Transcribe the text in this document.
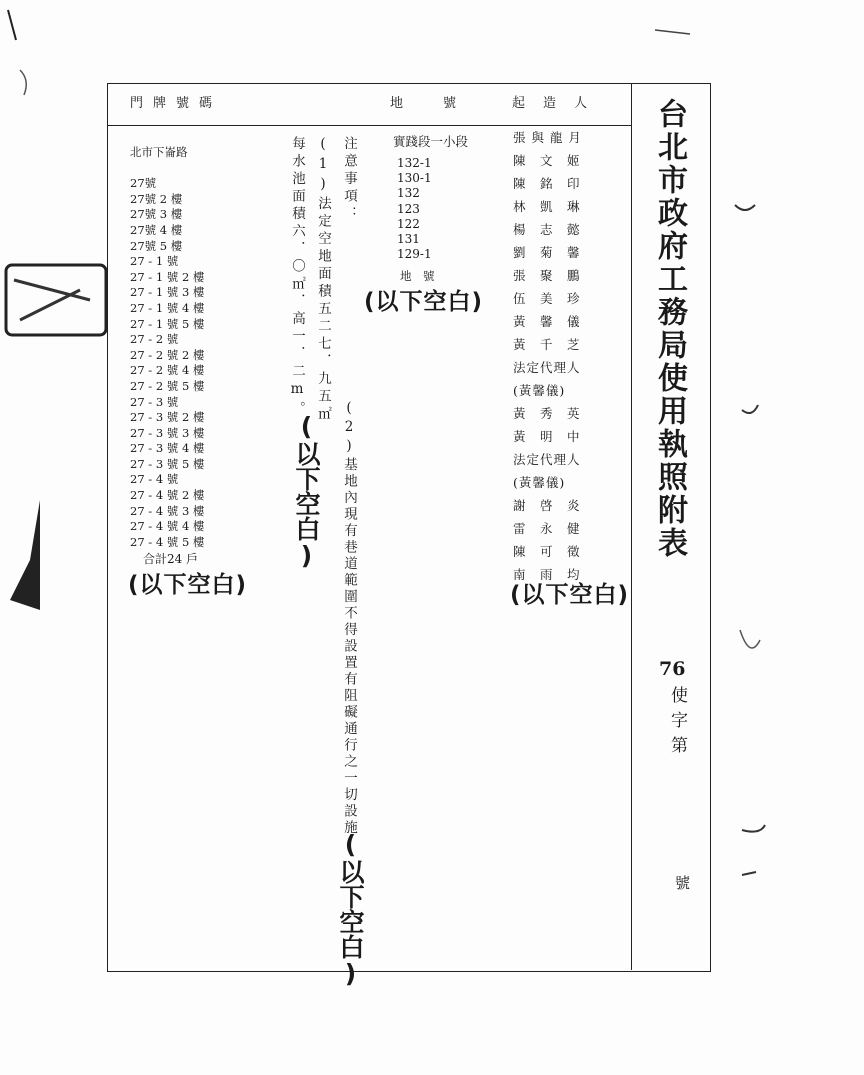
門牌號碼	地號 起造人 台北市政府工務局使用執照附表
76
使字第
號
北市下崙路

27號
27號 2 樓
27號 3 樓
27號 4 樓
27號 5 樓
27 - 1 號
27 - 1 號 2 樓
27 - 1 號 3 樓
27 - 1 號 4 樓
27 - 1 號 5 樓
27 - 2 號
27 - 2 號 2 樓
27 - 2 號 4 樓
27 - 2 號 5 樓
27 - 3 號
27 - 3 號 2 樓
27 - 3 號 3 樓
27 - 3 號 4 樓
27 - 3 號 5 樓
27 - 4 號
27 - 4 號 2 樓
27 - 4 號 3 樓
27 - 4 號 4 樓
27 - 4 號 5 樓
合計24 戶
(以下空白)
注意事項：
(1)法定空地面積五二七．九五㎡
每水池面積六．〇㎡．高一．二m。
(以下空白) (2)基地內現有巷道範圍不得設置有阻礙通行之一切設施
(以下空白)
實踐段一小段
132-1
130-1
132
123
122
131
129-1
地　號
(以下空白)
張 與 龍 月
陳　文　姬
陳　銘　印
林　凱　琳
楊　志　懿
劉　菊　馨
張　聚　鵬
伍　美　珍
黃　馨　儀
黃　千　芝
法定代理人
(黃馨儀)
黃　秀　英
黃　明　中
法定代理人
(黃馨儀)
謝　啓　炎
雷　永　健
陳　可　徵
南　雨　均
(以下空白)
